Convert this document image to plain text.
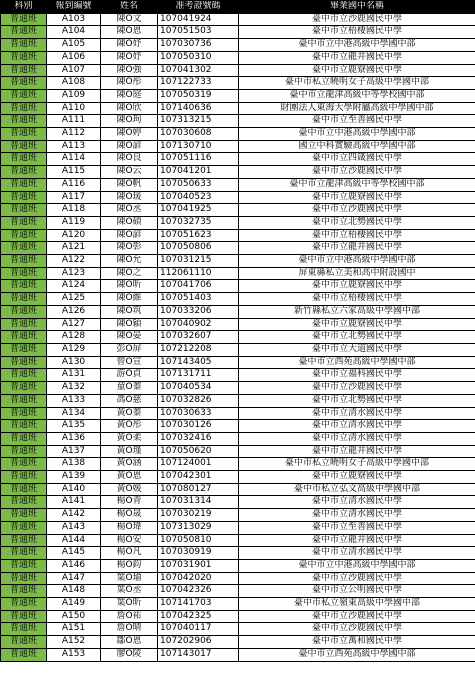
科別	報到編號	姓名	准考證號碼	畢業國中名稱
普通班	A103	陳O文	107041924	臺中市立沙鹿國民中學
普通班	A104	陳O恩	107051503	臺中市立梧棲國民中學
普通班	A105	陳O妤	107030736	臺中市立中港高級中學國中部
普通班	A106	陳O妤	107050310	臺中市立龍井國民中學
普通班	A107	陳O強	107041302	臺中市立鹿寮國民中學
普通班	A108	陳O彤	107122733	臺中市私立曉明女子高級中學國中部
普通班	A109	陳O庭	107050319	臺中市立龍津高級中等學校國中部
普通班	A110	陳O欣	107140636	財團法人東海大學附屬高級中學國中部
普通班	A111	陳O珣	107313215	臺中市立至善國民中學
普通班	A112	陳O婷	107030608	臺中市立中港高級中學國中部
普通班	A113	陳O諺	107130710	國立中科實驗高級中學國中部
普通班	A114	陳O良	107051116	臺中市立四箴國民中學
普通班	A115	陳O云	107041201	臺中市立沙鹿國民中學
普通班	A116	陳O帆	107050633	臺中市立龍津高級中等學校國中部
普通班	A117	陳O瑗	107040523	臺中市立鹿寮國民中學
普通班	A118	陳O丞	107041925	臺中市立沙鹿國民中學
普通班	A119	陳O碩	107032735	臺中市立北勢國民中學
普通班	A120	陳O諺	107051623	臺中市立梧棲國民中學
普通班	A121	陳O彰	107050806	臺中市立龍井國民中學
普通班	A122	陳O允	107031215	臺中市立中港高級中學國中部
普通班	A123	陳O之	112061110	屏東縣私立美和高中附設國中
普通班	A124	陳O昕	107041706	臺中市立鹿寮國民中學
普通班	A125	陳O維	107051403	臺中市立梧棲國民中學
普通班	A126	陳O筑	107033206	新竹縣私立六家高級中學國中部
普通班	A127	陳O穎	107040902	臺中市立鹿寮國民中學
普通班	A128	陳O晏	107032607	臺中市立北勢國民中學
普通班	A129	彭O屏	107212208	臺中市立大道國民中學
普通班	A130	曾O宣	107143405	臺中市立西苑高級中學國中部
普通班	A131	游O貞	107131711	臺中市立福科國民中學
普通班	A132	童O蓁	107040534	臺中市立沙鹿國民中學
普通班	A133	馮O慈	107032826	臺中市立北勢國民中學
普通班	A134	黃O蓁	107030633	臺中市立清水國民中學
普通班	A135	黃O彤	107030126	臺中市立清水國民中學
普通班	A136	黃O柔	107032416	臺中市立清水國民中學
普通班	A137	黃O瑾	107050620	臺中市立龍井國民中學
普通班	A138	黃O涵	107124001	臺中市私立曉明女子高級中學國中部
普通班	A139	黃O恩	107042301	臺中市立鹿寮國民中學
普通班	A140	黃O媛	107080127	臺中市私立弘文高級中學國中部
普通班	A141	楊O青	107031314	臺中市立清水國民中學
普通班	A142	楊O晟	107030219	臺中市立清水國民中學
普通班	A143	楊O瑋	107313029	臺中市立至善國民中學
普通班	A144	楊O安	107050810	臺中市立龍井國民中學
普通班	A145	楊O凡	107030919	臺中市立清水國民中學
普通班	A146	楊O鈞	107031901	臺中市立中港高級中學國中部
普通班	A147	葉O瑜	107042020	臺中市立沙鹿國民中學
普通班	A148	葉O丞	107042326	臺中市立公明國民中學
普通班	A149	葉O昕	107141703	臺中市私立嶺東高級中學國中部
普通班	A150	詹O祐	107042325	臺中市立沙鹿國民中學
普通班	A151	詹O晴	107040117	臺中市立沙鹿國民中學
普通班	A152	鄒O恩	107202906	臺中市立萬和國民中學
普通班	A153	廖O陵	107143017	臺中市立西苑高級中學國中部
